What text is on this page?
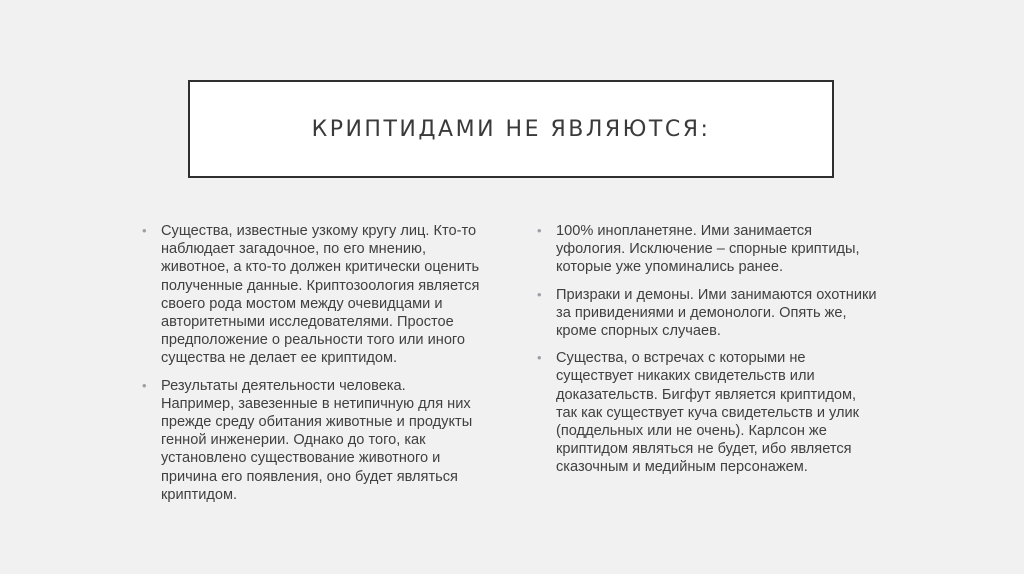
КРИПТИДАМИ НЕ ЯВЛЯЮТСЯ:
• Существа, известные узкому кругу лиц. Кто-то наблюдает загадочное, по его мнению, животное, а кто-то должен критически оценить полученные данные. Криптозоология является своего рода мостом между очевидцами и авторитетными исследователями. Простое предположение о реальности того или иного существа не делает ее криптидом.
• Результаты деятельности человека. Например, завезенные в нетипичную для них прежде среду обитания животные и продукты генной инженерии. Однако до того, как установлено существование животного и причина его появления, оно будет являться криптидом.
• 100% инопланетяне. Ими занимается уфология. Исключение – спорные криптиды, которые уже упоминались ранее.
• Призраки и демоны. Ими занимаются охотники за привидениями и демонологи. Опять же, кроме спорных случаев.
• Существа, о встречах с которыми не существует никаких свидетельств или доказательств. Бигфут является криптидом, так как существует куча свидетельств и улик (поддельных или не очень). Карлсон же криптидом являться не будет, ибо является сказочным и медийным персонажем.
